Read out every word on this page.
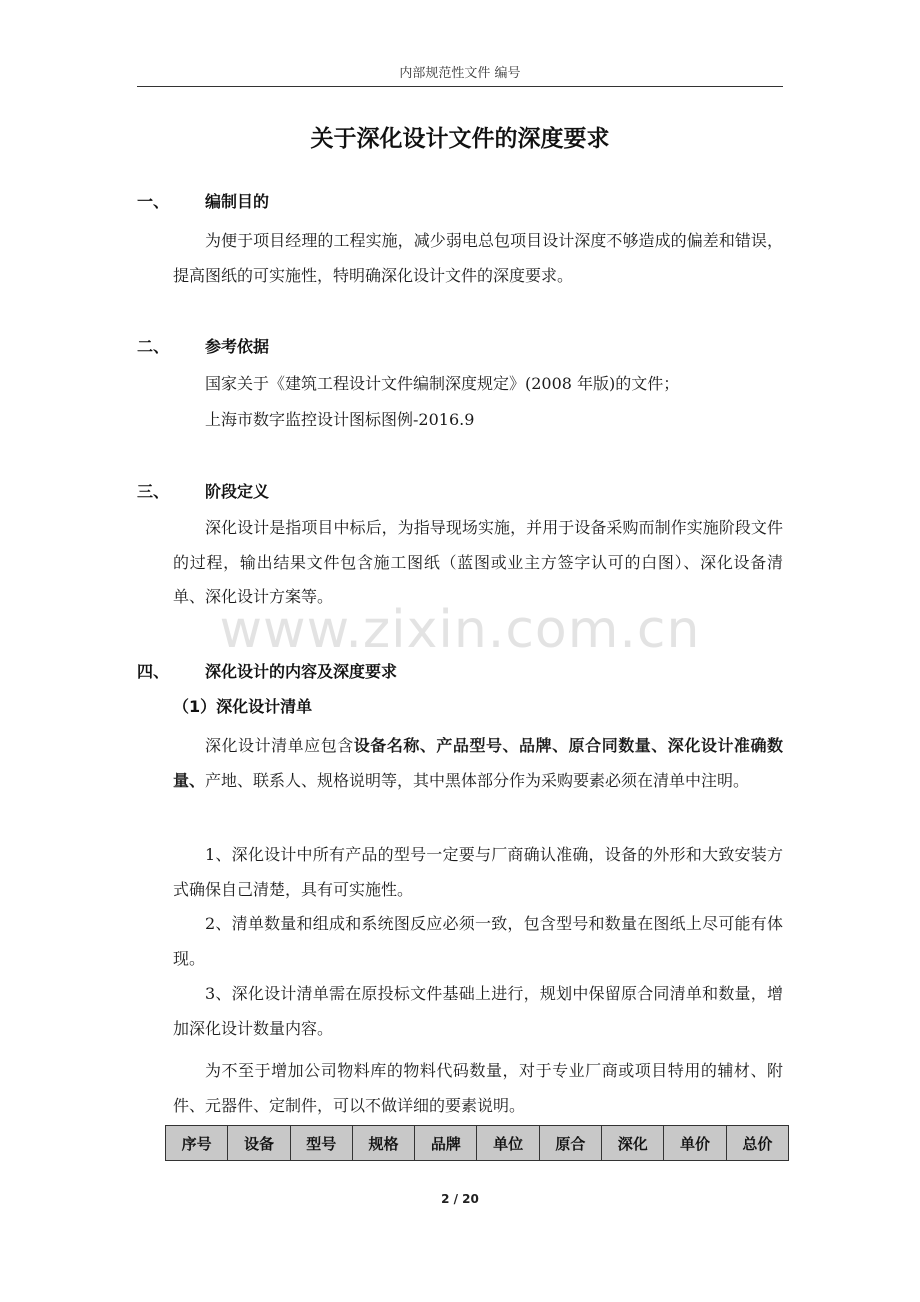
内部规范性文件 编号
关于深化设计文件的深度要求
一、 编制目的
为便于项目经理的工程实施，减少弱电总包项目设计深度不够造成的偏差和错误，提高图纸的可实施性，特明确深化设计文件的深度要求。
二、 参考依据
国家关于《建筑工程设计文件编制深度规定》(2008 年版)的文件；
上海市数字监控设计图标图例-2016.9
三、 阶段定义
深化设计是指项目中标后，为指导现场实施，并用于设备采购而制作实施阶段文件的过程，输出结果文件包含施工图纸（蓝图或业主方签字认可的白图）、深化设备清单、深化设计方案等。
www.zixin.com.cn
四、 深化设计的内容及深度要求
（1）深化设计清单
深化设计清单应包含设备名称、产品型号、品牌、原合同数量、深化设计准确数量、产地、联系人、规格说明等，其中黑体部分作为采购要素必须在清单中注明。
1、深化设计中所有产品的型号一定要与厂商确认准确，设备的外形和大致安装方式确保自己清楚，具有可实施性。
2、清单数量和组成和系统图反应必须一致，包含型号和数量在图纸上尽可能有体现。
3、深化设计清单需在原投标文件基础上进行，规划中保留原合同清单和数量，增加深化设计数量内容。
为不至于增加公司物料库的物料代码数量，对于专业厂商或项目特用的辅材、附件、元器件、定制件，可以不做详细的要素说明。
序号	设备	型号	规格	品牌	单位	原合	深化	单价	总价
2 / 20
